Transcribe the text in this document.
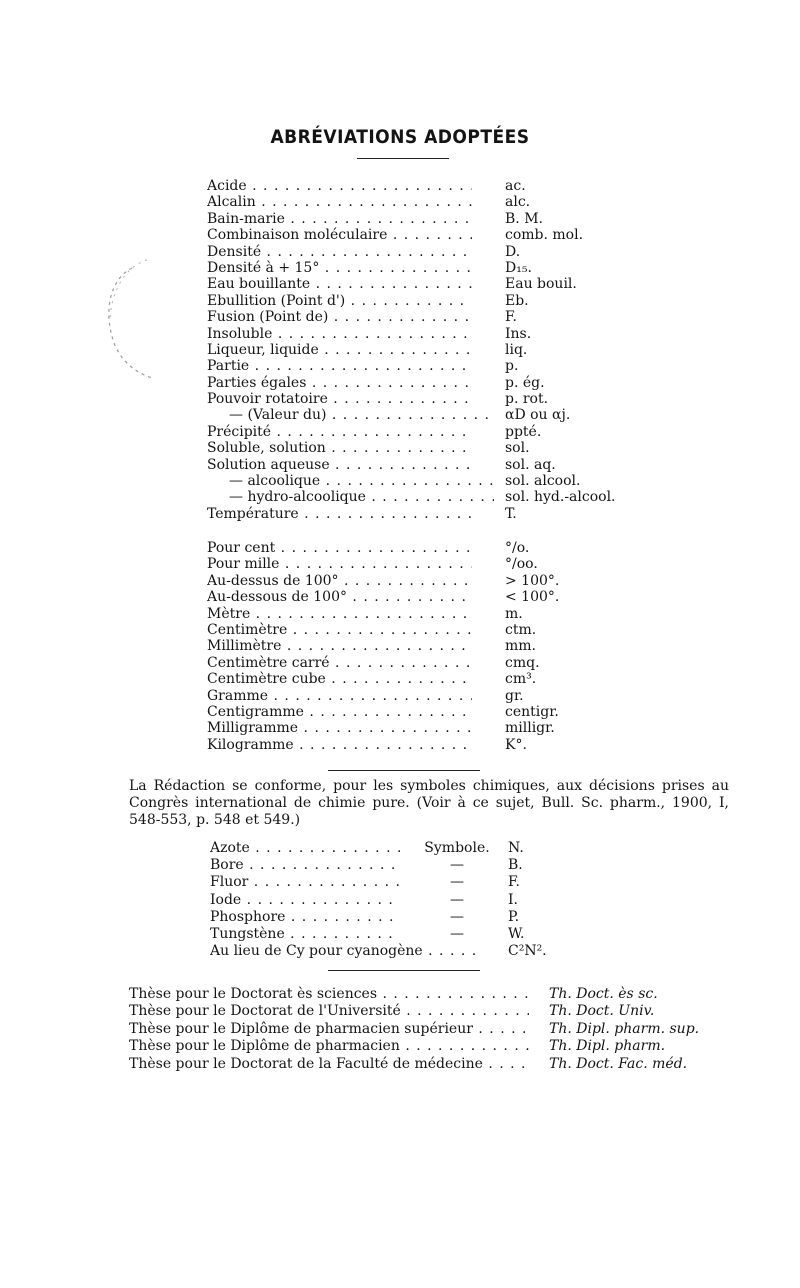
ABRÉVIATIONS ADOPTÉES
Acide . . .	ac.
Alcalin . . .	alc.
Bain-marie . . .	B. M.
Combinaison moléculaire . . .	comb. mol.
Densité . . .	D.
Densité à + 15° . . .	D₁₅.
Eau bouillante . . .	Eau bouil.
Ebullition (Point d') . . .	Eb.
Fusion (Point de) . . .	F.
Insoluble . . .	Ins.
Liqueur, liquide . . .	liq.
Partie . . .	p.
Parties égales . . .	p. ég.
Pouvoir rotatoire . . .	p. rot.
— (Valeur du) . . .	αD ou αj.
Précipité . . .	ppté.
Soluble, solution . . .	sol.
Solution aqueuse . . .	sol. aq.
— alcoolique . . .	sol. alcool.
— hydro-alcoolique . . .	sol. hyd.-alcool.
Température . . .	T.
Pour cent . . .	°/o.
Pour mille . . .	°/oo.
Au-dessus de 100° . . .	> 100°.
Au-dessous de 100° . . .	< 100°.
Mètre . . .	m.
Centimètre . . .	ctm.
Millimètre . . .	mm.
Centimètre carré . . .	cmq.
Centimètre cube . . .	cm³.
Gramme . . .	gr.
Centigramme . . .	centigr.
Milligramme . . .	milligr.
Kilogramme . . .	K°.
La Rédaction se conforme, pour les symboles chimiques, aux décisions prises au Congrès international de chimie pure. (Voir à ce sujet, Bull. Sc. pharm., 1900, I, 548-553, p. 548 et 549.)
Azote . . .	Symbole.	N.
Bore . . .	—	B.
Fluor . . .	—	F.
Iode . . .	—	I.
Phosphore . . .	—	P.
Tungstène . . .	—	W.
Au lieu de Cy pour cyanogène . . .	C²N².
Thèse pour le Doctorat ès sciences . . .	Th. Doct. ès sc.
Thèse pour le Doctorat de l'Université . . .	Th. Doct. Univ.
Thèse pour le Diplôme de pharmacien supérieur . . .	Th. Dipl. pharm. sup.
Thèse pour le Diplôme de pharmacien . . .	Th. Dipl. pharm.
Thèse pour le Doctorat de la Faculté de médecine . . .	Th. Doct. Fac. méd.
